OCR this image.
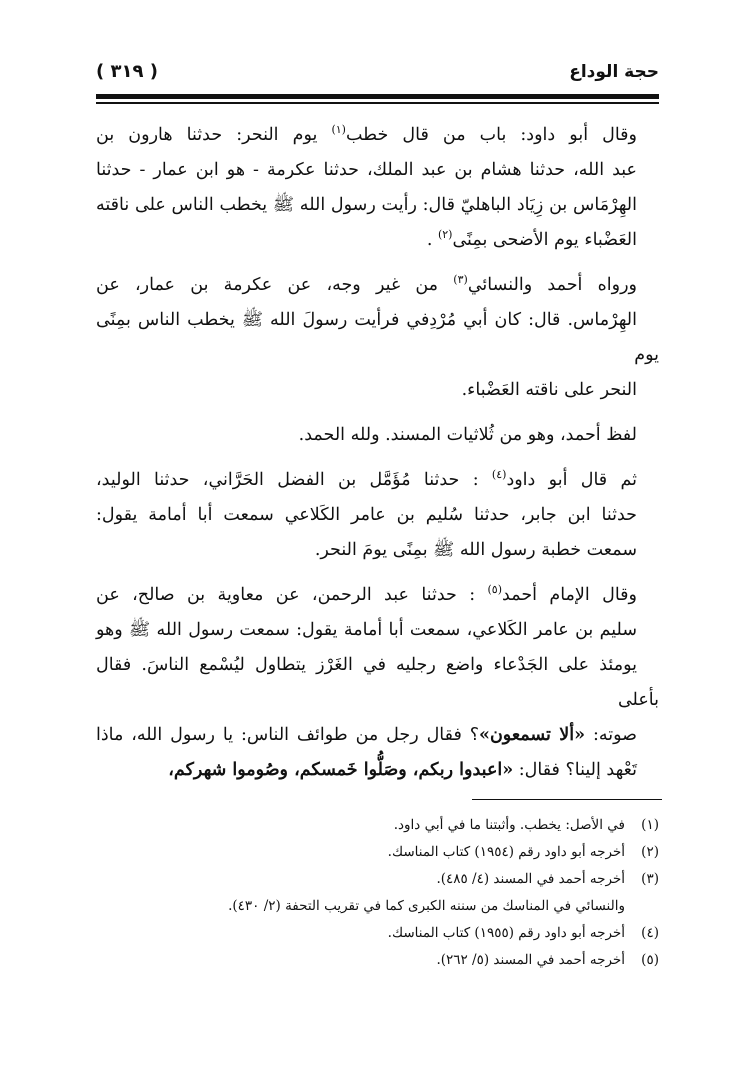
حجة الوداع
( ٣١٩ )

وقال أبو داود: باب من قال خطب$^{(١)}$ يوم النحر: حدثنا هارون بن
عبد الله، حدثنا هشام بن عبد الملك، حدثنا عكرمة - هو ابن عمار - حدثنا
الهِرْمَاس بن زِيَاد الباهليّ قال: رأيت رسول الله ﷺ يخطب الناس على ناقته
العَضْباء يوم الأضحى بمِنًى$^{(٢)}$ .

ورواه أحمد والنسائي$^{(٣)}$ من غير وجه، عن عكرمة بن عمار، عن
الهِرْماس. قال: كان أبي مُرْدِفي فرأيت رسولَ الله ﷺ يخطب الناس بمِنًى يوم
النحر على ناقته العَضْباء.

لفظ أحمد، وهو من ثُلاثيات المسند. ولله الحمد.

ثم قال أبو داود$^{(٤)}$ : حدثنا مُؤَمَّل بن الفضل الحَرَّاني، حدثنا الوليد،
حدثنا ابن جابر، حدثنا سُليم بن عامر الكَلاعي سمعت أبا أمامة يقول:
سمعت خطبة رسول الله ﷺ بمِنًى يومَ النحر.

وقال الإمام أحمد$^{(٥)}$ : حدثنا عبد الرحمن، عن معاوية بن صالح، عن
سليم بن عامر الكَلاعي، سمعت أبا أمامة يقول: سمعت رسول الله ﷺ وهو
يومئذ على الجَدْعاء واضع رجليه في الغَرْز يتطاول ليُسْمع الناسَ. فقال بأعلى
صوته: «ألا تسمعون»؟ فقال رجل من طوائف الناس: يا رسول الله، ماذا
تَعْهد إلينا؟ فقال: «اعبدوا ربكم، وصَلُّوا خَمسكم، وصُوموا شهركم،

(١)في الأصل: يخطب. وأثبتنا ما في أبي داود.
(٢)أخرجه أبو داود رقم (١٩٥٤) كتاب المناسك.
(٣)أخرجه أحمد في المسند (٤/ ٤٨٥).
والنسائي في المناسك من سننه الكبرى كما في تقريب التحفة (٢/ ٤٣٠).
(٤)أخرجه أبو داود رقم (١٩٥٥) كتاب المناسك.
(٥)أخرجه أحمد في المسند (٥/ ٢٦٢).
